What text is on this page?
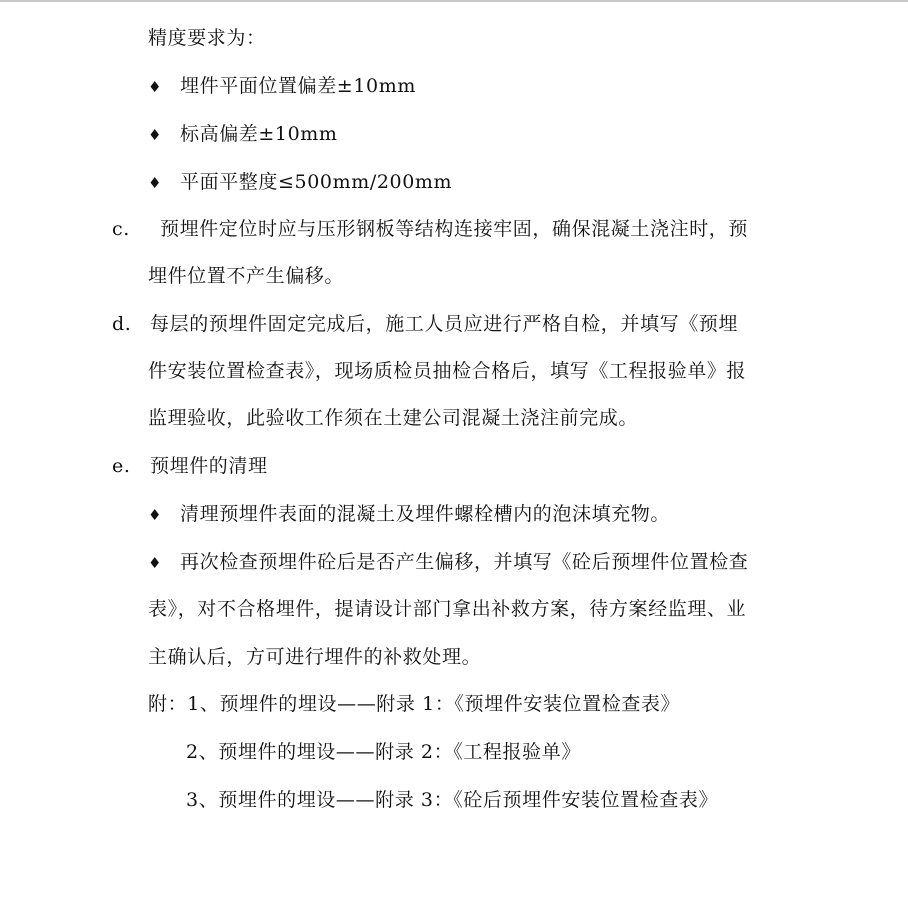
精度要求为：
♦ 埋件平面位置偏差±10mm
♦ 标高偏差±10mm
♦ 平面平整度≤500mm/200mm
c. 预埋件定位时应与压形钢板等结构连接牢固，确保混凝土浇注时，预
埋件位置不产生偏移。
d. 每层的预埋件固定完成后，施工人员应进行严格自检，并填写《预埋
件安装位置检查表》，现场质检员抽检合格后，填写《工程报验单》报
监理验收，此验收工作须在土建公司混凝土浇注前完成。
e. 预埋件的清理
♦ 清理预埋件表面的混凝土及埋件螺栓槽内的泡沫填充物。
♦ 再次检查预埋件砼后是否产生偏移，并填写《砼后预埋件位置检查
表》，对不合格埋件，提请设计部门拿出补救方案，待方案经监理、业
主确认后，方可进行埋件的补救处理。
附：1、预埋件的埋设——附录 1：《预埋件安装位置检查表》
2、预埋件的埋设——附录 2：《工程报验单》
3、预埋件的埋设——附录 3：《砼后预埋件安装位置检查表》
